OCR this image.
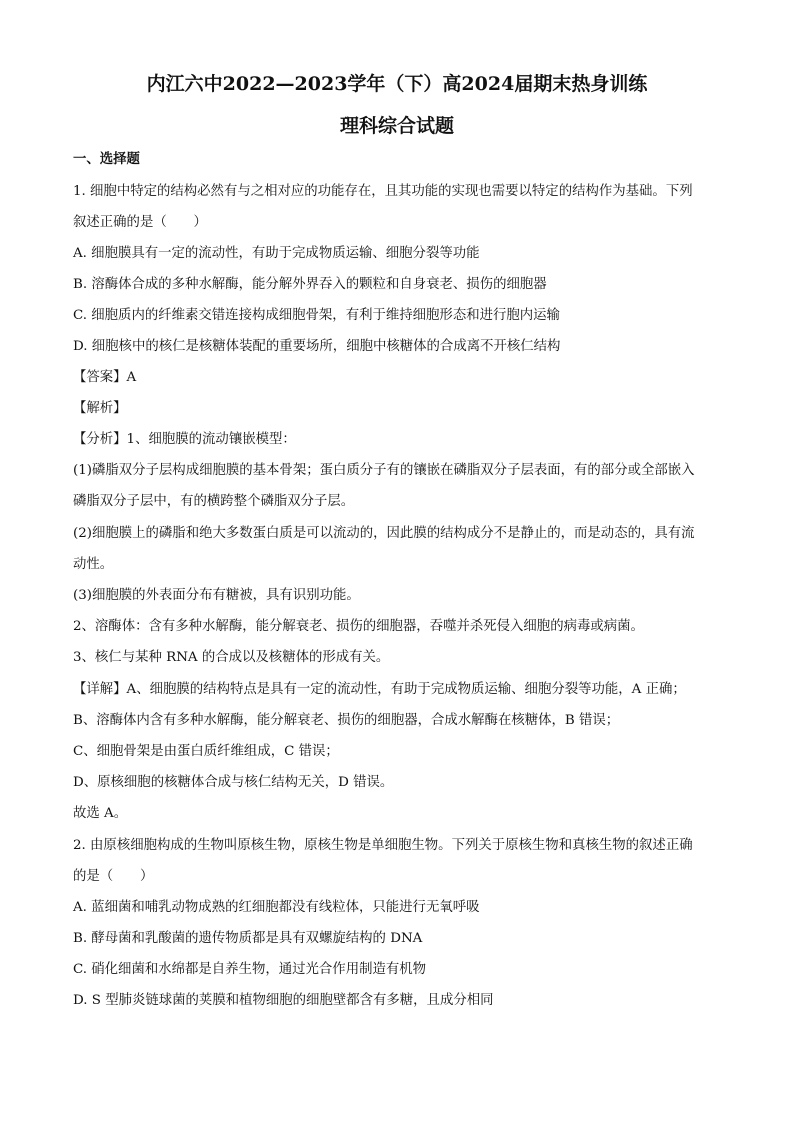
内江六中2022—2023学年（下）高2024届期末热身训练
理科综合试题
一、选择题
1. 细胞中特定的结构必然有与之相对应的功能存在，且其功能的实现也需要以特定的结构作为基础。下列
叙述正确的是（　　）
A. 细胞膜具有一定的流动性，有助于完成物质运输、细胞分裂等功能
B. 溶酶体合成的多种水解酶，能分解外界吞入的颗粒和自身衰老、损伤的细胞器
C. 细胞质内的纤维素交错连接构成细胞骨架，有利于维持细胞形态和进行胞内运输
D. 细胞核中的核仁是核糖体装配的重要场所，细胞中核糖体的合成离不开核仁结构
【答案】A
【解析】
【分析】1、细胞膜的流动镶嵌模型：
(1)磷脂双分子层构成细胞膜的基本骨架；蛋白质分子有的镶嵌在磷脂双分子层表面，有的部分或全部嵌入
磷脂双分子层中，有的横跨整个磷脂双分子层。
(2)细胞膜上的磷脂和绝大多数蛋白质是可以流动的，因此膜的结构成分不是静止的，而是动态的，具有流
动性。
(3)细胞膜的外表面分布有糖被，具有识别功能。
2、溶酶体：含有多种水解酶，能分解衰老、损伤的细胞器，吞噬并杀死侵入细胞的病毒或病菌。
3、核仁与某种 RNA 的合成以及核糖体的形成有关。
【详解】A、细胞膜的结构特点是具有一定的流动性，有助于完成物质运输、细胞分裂等功能，A 正确；
B、溶酶体内含有多种水解酶，能分解衰老、损伤的细胞器，合成水解酶在核糖体，B 错误；
C、细胞骨架是由蛋白质纤维组成，C 错误；
D、原核细胞的核糖体合成与核仁结构无关，D 错误。
故选 A。
2. 由原核细胞构成的生物叫原核生物，原核生物是单细胞生物。下列关于原核生物和真核生物的叙述正确
的是（　　）
A. 蓝细菌和哺乳动物成熟的红细胞都没有线粒体，只能进行无氧呼吸
B. 酵母菌和乳酸菌的遗传物质都是具有双螺旋结构的 DNA
C. 硝化细菌和水绵都是自养生物，通过光合作用制造有机物
D. S 型肺炎链球菌的荚膜和植物细胞的细胞壁都含有多糖，且成分相同
